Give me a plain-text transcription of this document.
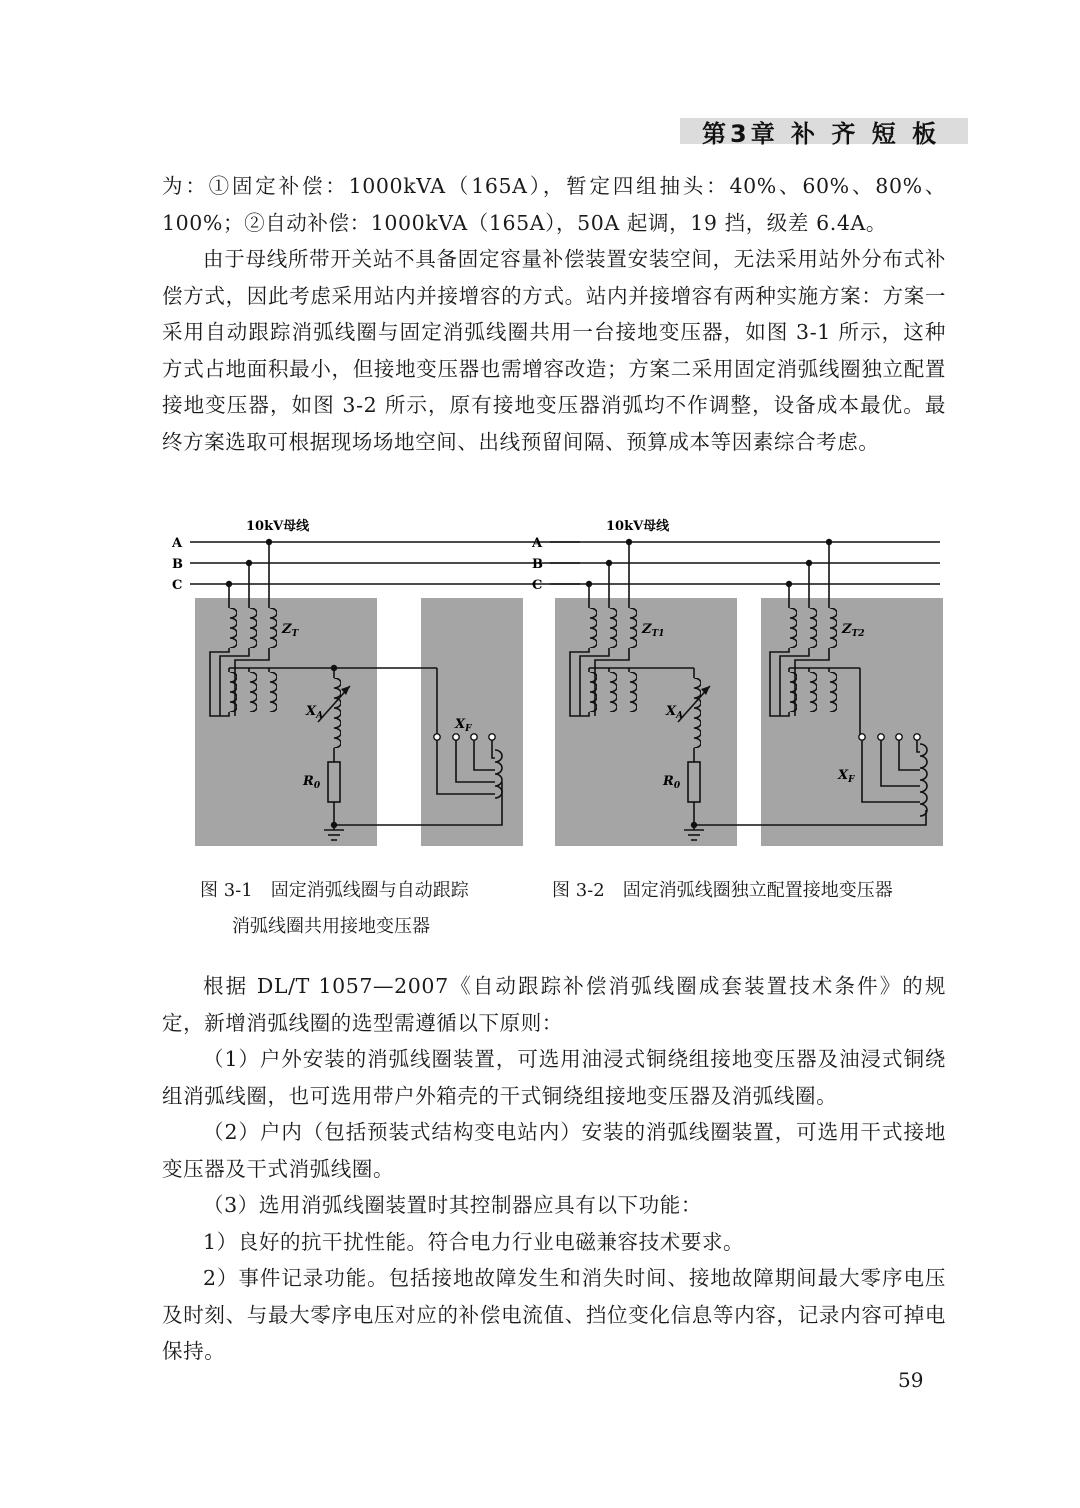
第3章 补 齐 短 板

为：①固定补偿：1000kVA（165A），暂定四组抽头：40%、60%、80%、100%；②自动补偿：1000kVA（165A），50A 起调，19 挡，级差 6.4A。

由于母线所带开关站不具备固定容量补偿装置安装空间，无法采用站外分布式补偿方式，因此考虑采用站内并接增容的方式。站内并接增容有两种实施方案：方案一采用自动跟踪消弧线圈与固定消弧线圈共用一台接地变压器，如图 3-1 所示，这种方式占地面积最小，但接地变压器也需增容改造；方案二采用固定消弧线圈独立配置接地变压器，如图 3-2 所示，原有接地变压器消弧均不作调整，设备成本最优。最终方案选取可根据现场场地空间、出线预留间隔、预算成本等因素综合考虑。

10kV母线
A
B
C
$Z_T$
$X_A$
$R_0$
$X_F$
10kV母线
A
B
C
$Z_{T1}$	$Z_{T2}$
$X_A$
$R_0$
$X_F$
图 3-1　固定消弧线圈与自动跟踪
消弧线圈共用接地变压器
图 3-2　固定消弧线圈独立配置接地变压器

根据 DL/T 1057—2007《自动跟踪补偿消弧线圈成套装置技术条件》的规定，新增消弧线圈的选型需遵循以下原则：

（1）户外安装的消弧线圈装置，可选用油浸式铜绕组接地变压器及油浸式铜绕组消弧线圈，也可选用带户外箱壳的干式铜绕组接地变压器及消弧线圈。

（2）户内（包括预装式结构变电站内）安装的消弧线圈装置，可选用干式接地变压器及干式消弧线圈。

（3）选用消弧线圈装置时其控制器应具有以下功能：

1）良好的抗干扰性能。符合电力行业电磁兼容技术要求。

2）事件记录功能。包括接地故障发生和消失时间、接地故障期间最大零序电压及时刻、与最大零序电压对应的补偿电流值、挡位变化信息等内容，记录内容可掉电保持。

59
